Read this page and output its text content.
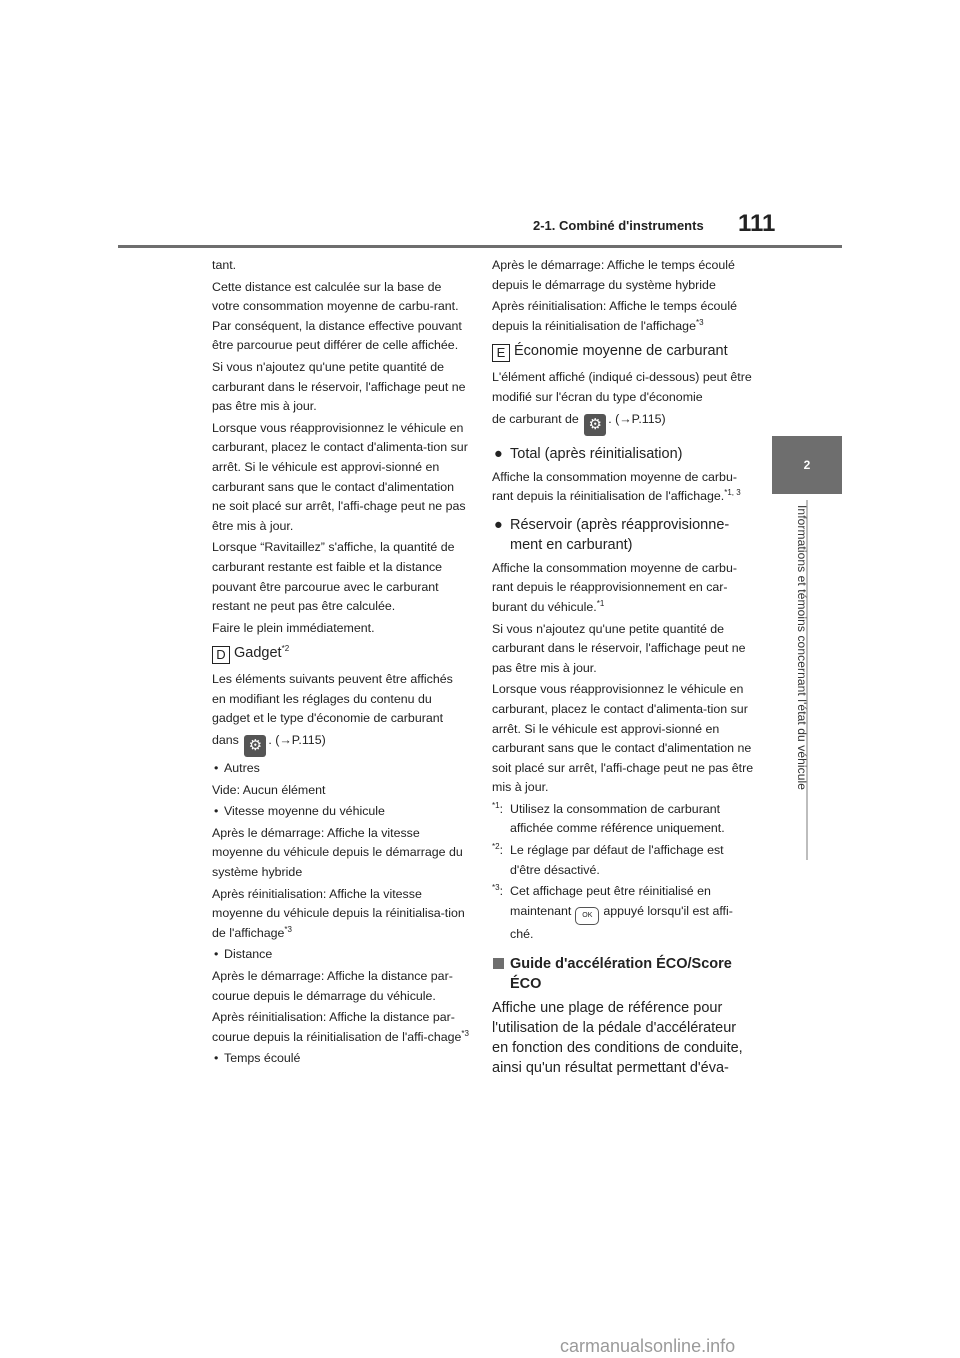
2-1. Combiné d'instruments 111
2
Informations et témoins concernant l'état du véhicule

tant.

Cette distance est calculée sur la base de votre consommation moyenne de carbu-rant. Par conséquent, la distance effective pouvant être parcourue peut différer de celle affichée.

Si vous n'ajoutez qu'une petite quantité de carburant dans le réservoir, l'affichage peut ne pas être mis à jour.

Lorsque vous réapprovisionnez le véhicule en carburant, placez le contact d'alimenta-tion sur arrêt. Si le véhicule est approvi-sionné en carburant sans que le contact d'alimentation ne soit placé sur arrêt, l'affi-chage peut ne pas être mis à jour.

Lorsque “Ravitaillez” s'affiche, la quantité de carburant restante est faible et la distance pouvant être parcourue avec le carburant restant ne peut pas être calculée.

Faire le plein immédiatement.

D Gadget$^{*2}$

Les éléments suivants peuvent être affichés en modifiant les réglages du contenu du gadget et le type d'économie de carburant

dans ⚙ . (→P.115)

• Autres

Vide: Aucun élément

• Vitesse moyenne du véhicule

Après le démarrage: Affiche la vitesse moyenne du véhicule depuis le démarrage du système hybride

Après réinitialisation: Affiche la vitesse moyenne du véhicule depuis la réinitialisa-tion de l'affichage$^{*3}$

• Distance

Après le démarrage: Affiche la distance par-courue depuis le démarrage du véhicule.

Après réinitialisation: Affiche la distance par-courue depuis la réinitialisation de l'affi-chage$^{*3}$

• Temps écoulé

Après le démarrage: Affiche le temps écoulé depuis le démarrage du système hybride

Après réinitialisation: Affiche le temps écoulé depuis la réinitialisation de l'affichage$^{*3}$

E Économie moyenne de carburant

L'élément affiché (indiqué ci-dessous) peut être modifié sur l'écran du type d'économie

de carburant de ⚙ . (→P.115)

● Total (après réinitialisation)

Affiche la consommation moyenne de carbu-rant depuis la réinitialisation de l'affichage.$^{*1, 3}$

● Réservoir (après réapprovisionne-ment en carburant)

Affiche la consommation moyenne de carbu-rant depuis le réapprovisionnement en car-burant du véhicule.$^{*1}$

Si vous n'ajoutez qu'une petite quantité de carburant dans le réservoir, l'affichage peut ne pas être mis à jour.

Lorsque vous réapprovisionnez le véhicule en carburant, placez le contact d'alimenta-tion sur arrêt. Si le véhicule est approvi-sionné en carburant sans que le contact d'alimentation ne soit placé sur arrêt, l'affi-chage peut ne pas être mis à jour.

$^{*1}$: Utilisez la consommation de carburant affichée comme référence uniquement.

$^{*2}$: Le réglage par défaut de l'affichage est d'être désactivé.

$^{*3}$: Cet affichage peut être réinitialisé en maintenant OK appuyé lorsqu'il est affi-ché.

Guide d'accélération ÉCO/Score ÉCO

Affiche une plage de référence pour l'utilisation de la pédale d'accélérateur en fonction des conditions de conduite, ainsi qu'un résultat permettant d'éva-

carmanualsonline.info
